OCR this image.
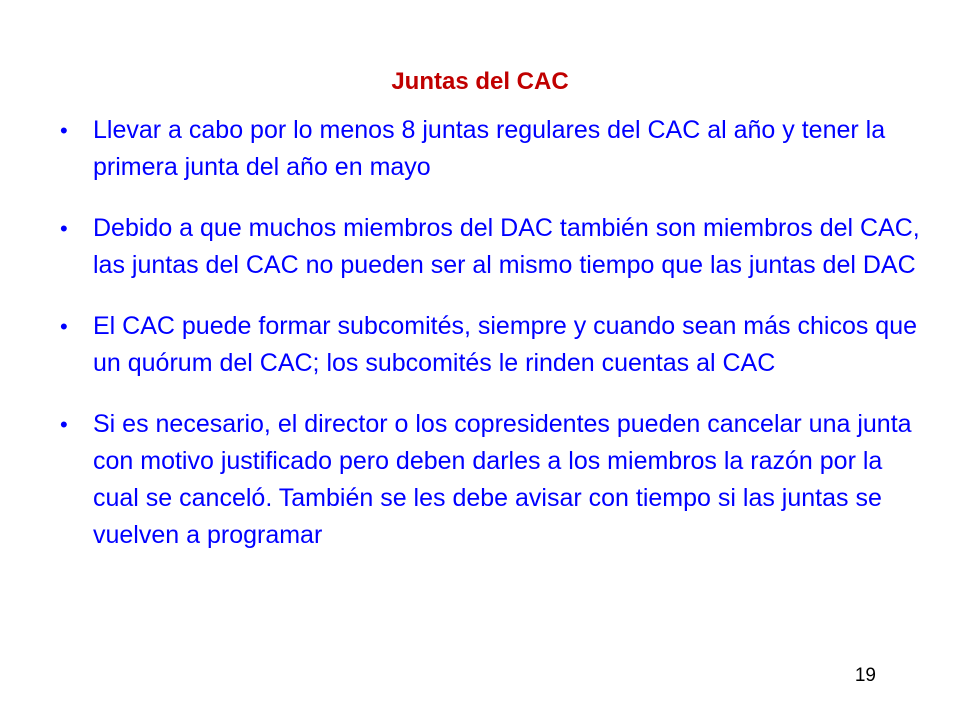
Juntas del CAC
•	Llevar a cabo por lo menos 8 juntas regulares del CAC al año y tener la primera junta del año en mayo
•	Debido a que muchos miembros del DAC también son miembros del CAC, las juntas del CAC no pueden ser al mismo tiempo que las juntas del DAC
•	El CAC puede formar subcomités, siempre y cuando sean más chicos que un quórum del CAC; los subcomités le rinden cuentas al CAC
•	Si es necesario, el director o los copresidentes pueden cancelar una junta con motivo justificado pero deben darles a los miembros la razón por la cual se canceló. También se les debe avisar con tiempo si las juntas se vuelven a programar
19
